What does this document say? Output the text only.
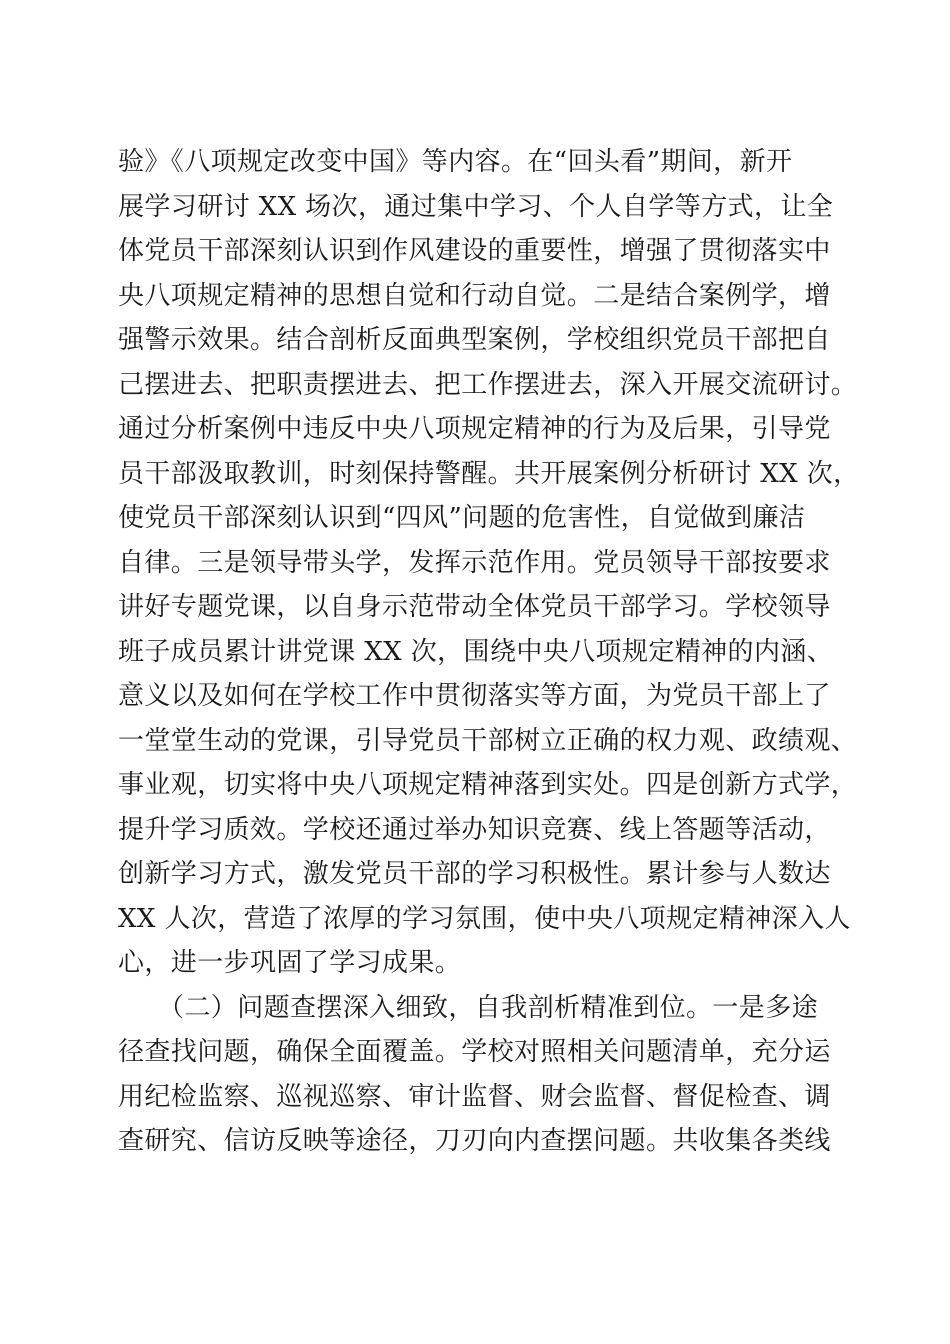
验》《八项规定改变中国》等内容。在“回头看”期间，新开
展学习研讨 XX 场次，通过集中学习、个人自学等方式，让全
体党员干部深刻认识到作风建设的重要性，增强了贯彻落实中
央八项规定精神的思想自觉和行动自觉。二是结合案例学，增
强警示效果。结合剖析反面典型案例，学校组织党员干部把自
己摆进去、把职责摆进去、把工作摆进去，深入开展交流研讨。
通过分析案例中违反中央八项规定精神的行为及后果，引导党
员干部汲取教训，时刻保持警醒。共开展案例分析研讨 XX 次，
使党员干部深刻认识到“四风”问题的危害性，自觉做到廉洁
自律。三是领导带头学，发挥示范作用。党员领导干部按要求
讲好专题党课，以自身示范带动全体党员干部学习。学校领导
班子成员累计讲党课 XX 次，围绕中央八项规定精神的内涵、
意义以及如何在学校工作中贯彻落实等方面，为党员干部上了
一堂堂生动的党课，引导党员干部树立正确的权力观、政绩观、
事业观，切实将中央八项规定精神落到实处。四是创新方式学，
提升学习质效。学校还通过举办知识竞赛、线上答题等活动，
创新学习方式，激发党员干部的学习积极性。累计参与人数达
XX 人次，营造了浓厚的学习氛围，使中央八项规定精神深入人
心，进一步巩固了学习成果。
（二）问题查摆深入细致，自我剖析精准到位。一是多途
径查找问题，确保全面覆盖。学校对照相关问题清单，充分运
用纪检监察、巡视巡察、审计监督、财会监督、督促检查、调
查研究、信访反映等途径，刀刃向内查摆问题。共收集各类线
